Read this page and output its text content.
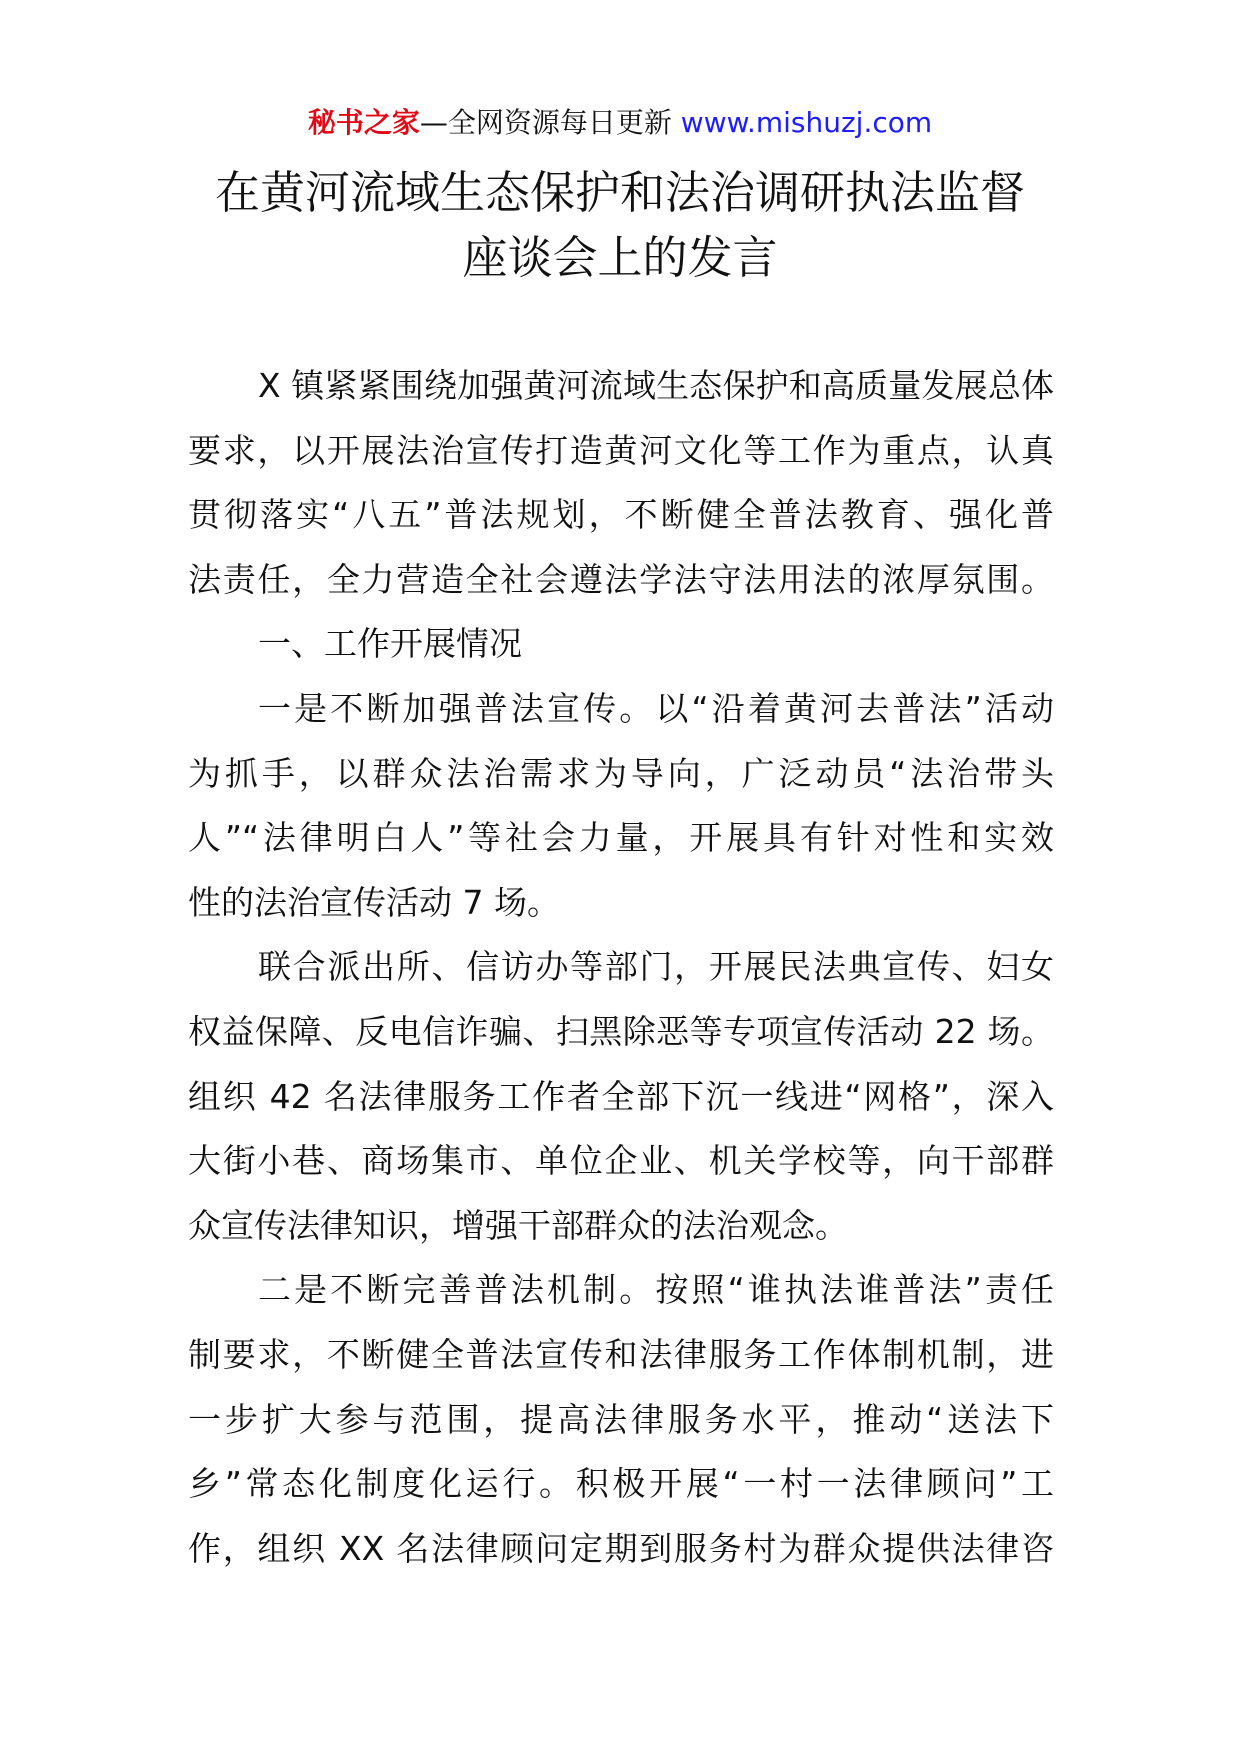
秘书之家—全网资源每日更新 www.mishuzj.com
在黄河流域生态保护和法治调研执法监督
座谈会上的发言
X 镇紧紧围绕加强黄河流域生态保护和高质量发展总体
要求，以开展法治宣传打造黄河文化等工作为重点，认真
贯彻落实“八五”普法规划，不断健全普法教育、强化普
法责任，全力营造全社会遵法学法守法用法的浓厚氛围。
一、工作开展情况
一是不断加强普法宣传。以“沿着黄河去普法”活动
为抓手，以群众法治需求为导向，广泛动员“法治带头
人”“法律明白人”等社会力量，开展具有针对性和实效
性的法治宣传活动 7 场。
联合派出所、信访办等部门，开展民法典宣传、妇女
权益保障、反电信诈骗、扫黑除恶等专项宣传活动 22 场。
组织 42 名法律服务工作者全部下沉一线进“网格”，深入
大街小巷、商场集市、单位企业、机关学校等，向干部群
众宣传法律知识，增强干部群众的法治观念。
二是不断完善普法机制。按照“谁执法谁普法”责任
制要求，不断健全普法宣传和法律服务工作体制机制，进
一步扩大参与范围，提高法律服务水平，推动“送法下
乡”常态化制度化运行。积极开展“一村一法律顾问”工
作，组织 XX 名法律顾问定期到服务村为群众提供法律咨
